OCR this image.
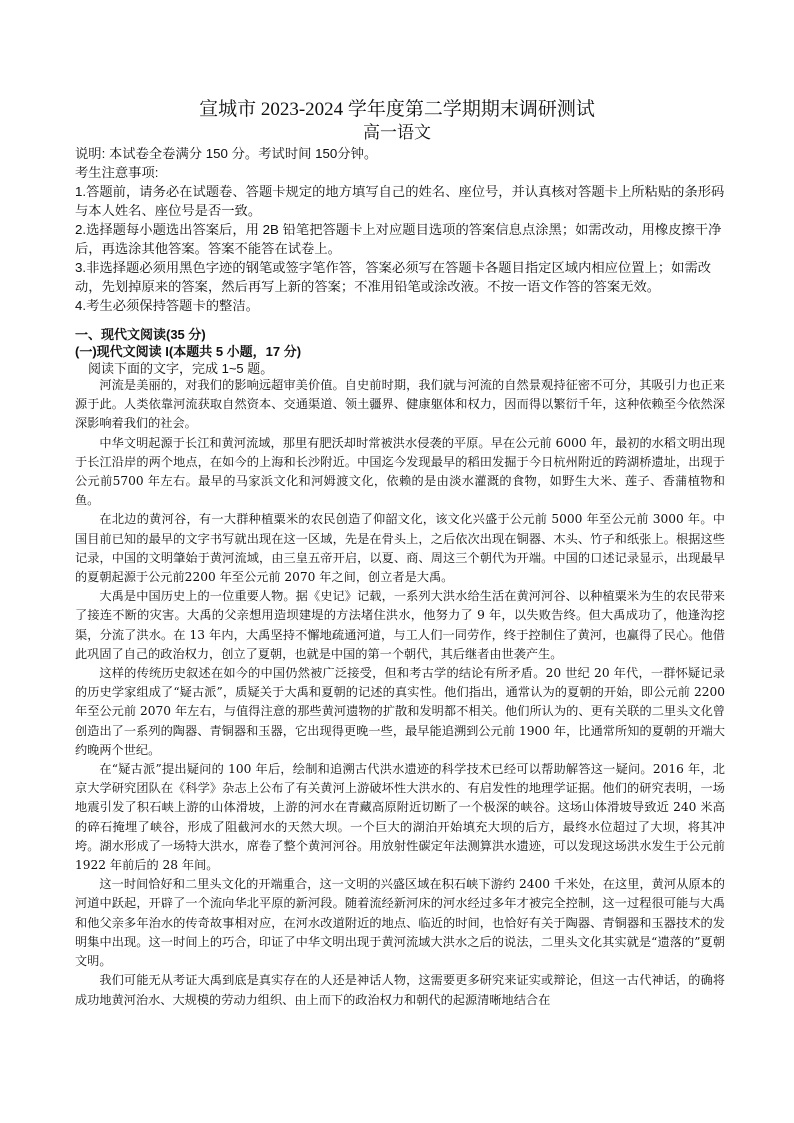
宣城市 2023-2024 学年度第二学期期末调研测试
高一语文

说明: 本试卷全卷满分 150 分。考试时间 150分钟。

考生注意事项:

1.答题前，请务必在试题卷、答题卡规定的地方填写自己的姓名、座位号，并认真核对答题卡上所粘贴的条形码与本人姓名、座位号是否一致。

2.选择题每小题选出答案后，用 2B 铅笔把答题卡上对应题目选项的答案信息点涂黑；如需改动，用橡皮擦干净后，再选涂其他答案。答案不能答在试卷上。

3.非选择题必须用黑色字迹的钢笔或签字笔作答，答案必须写在答题卡各题目指定区域内相应位置上；如需改动，先划掉原来的答案，然后再写上新的答案；不准用铅笔或涂改液。不按一语文作答的答案无效。

4.考生必须保持答题卡的整洁。

一、现代文阅读(35 分)
(一)现代文阅读 I(本题共 5 小题，17 分)
阅读下面的文字，完成 1~5 题。

河流是美丽的，对我们的影响远超审美价值。自史前时期，我们就与河流的自然景观持征密不可分，其吸引力也正来源于此。人类依靠河流获取自然资本、交通渠道、领土疆界、健康躯体和权力，因而得以繁衍千年，这种依赖至今依然深深影响着我们的社会。

中华文明起源于长江和黄河流域，那里有肥沃却时常被洪水侵袭的平原。早在公元前 6000 年，最初的水稻文明出现于长江沿岸的两个地点，在如今的上海和长沙附近。中国迄今发现最早的稻田发掘于今日杭州附近的跨湖桥遗址，出现于公元前5700 年左右。最早的马家浜文化和河姆渡文化，依赖的是由淡水灌溉的食物，如野生大米、莲子、香蒲植物和鱼。

在北边的黄河谷，有一大群种植粟米的农民创造了仰韶文化，该文化兴盛于公元前 5000 年至公元前 3000 年。中国目前已知的最早的文字书写就出现在这一区域，先是在骨头上，之后依次出现在铜器、木头、竹子和纸张上。根据这些记录，中国的文明肇始于黄河流域，由三皇五帝开启，以夏、商、周这三个朝代为开端。中国的口述记录显示，出现最早的夏朝起源于公元前2200 年至公元前 2070 年之间，创立者是大禹。

大禹是中国历史上的一位重要人物。据《史记》记载，一系列大洪水给生活在黄河河谷、以种植粟米为生的农民带来了接连不断的灾害。大禹的父亲想用造坝建堤的方法堵住洪水，他努力了 9 年，以失败告终。但大禹成功了，他逢沟挖渠，分流了洪水。在 13 年内，大禹坚持不懈地疏通河道，与工人们一同劳作，终于控制住了黄河，也赢得了民心。他借此巩固了自己的政治权力，创立了夏朝，也就是中国的第一个朝代，其后继者由世袭产生。

这样的传统历史叙述在如今的中国仍然被广泛接受，但和考古学的结论有所矛盾。20 世纪 20 年代，一群怀疑记录的历史学家组成了“疑古派”，质疑关于大禹和夏朝的记述的真实性。他们指出，通常认为的夏朝的开始，即公元前 2200 年至公元前 2070 年左右，与值得注意的那些黄河遗物的扩散和发明都不相关。他们所认为的、更有关联的二里头文化曾创造出了一系列的陶器、青铜器和玉器，它出现得更晚一些，最早能追溯到公元前 1900 年，比通常所知的夏朝的开端大约晚两个世纪。

在“疑古派”提出疑问的 100 年后，绘制和追溯古代洪水遗迹的科学技术已经可以帮助解答这一疑问。2016 年，北京大学研究团队在《科学》杂志上公布了有关黄河上游破坏性大洪水的、有启发性的地理学证据。他们的研究表明，一场地震引发了积石峡上游的山体滑坡，上游的河水在青藏高原附近切断了一个极深的峡谷。这场山体滑坡导致近 240 米高的碎石掩埋了峡谷，形成了阻截河水的天然大坝。一个巨大的湖泊开始填充大坝的后方，最终水位超过了大坝，将其冲垮。湖水形成了一场特大洪水，席卷了整个黄河河谷。用放射性碳定年法测算洪水遗迹，可以发现这场洪水发生于公元前 1922 年前后的 28 年间。

这一时间恰好和二里头文化的开端重合，这一文明的兴盛区域在积石峡下游约 2400 千米处，在这里，黄河从原本的河道中跃起，开辟了一个流向华北平原的新河段。随着流经新河床的河水经过多年才被完全控制，这一过程很可能与大禹和他父亲多年治水的传奇故事相对应，在河水改道附近的地点、临近的时间，也恰好有关于陶器、青铜器和玉器技术的发明集中出现。这一时间上的巧合，印证了中华文明出现于黄河流域大洪水之后的说法，二里头文化其实就是“遗落的”夏朝文明。

我们可能无从考证大禹到底是真实存在的人还是神话人物，这需要更多研究来证实或辩论，但这一古代神话，的确将成功地黄河治水、大规模的劳动力组织、由上而下的政治权力和朝代的起源清晰地结合在
